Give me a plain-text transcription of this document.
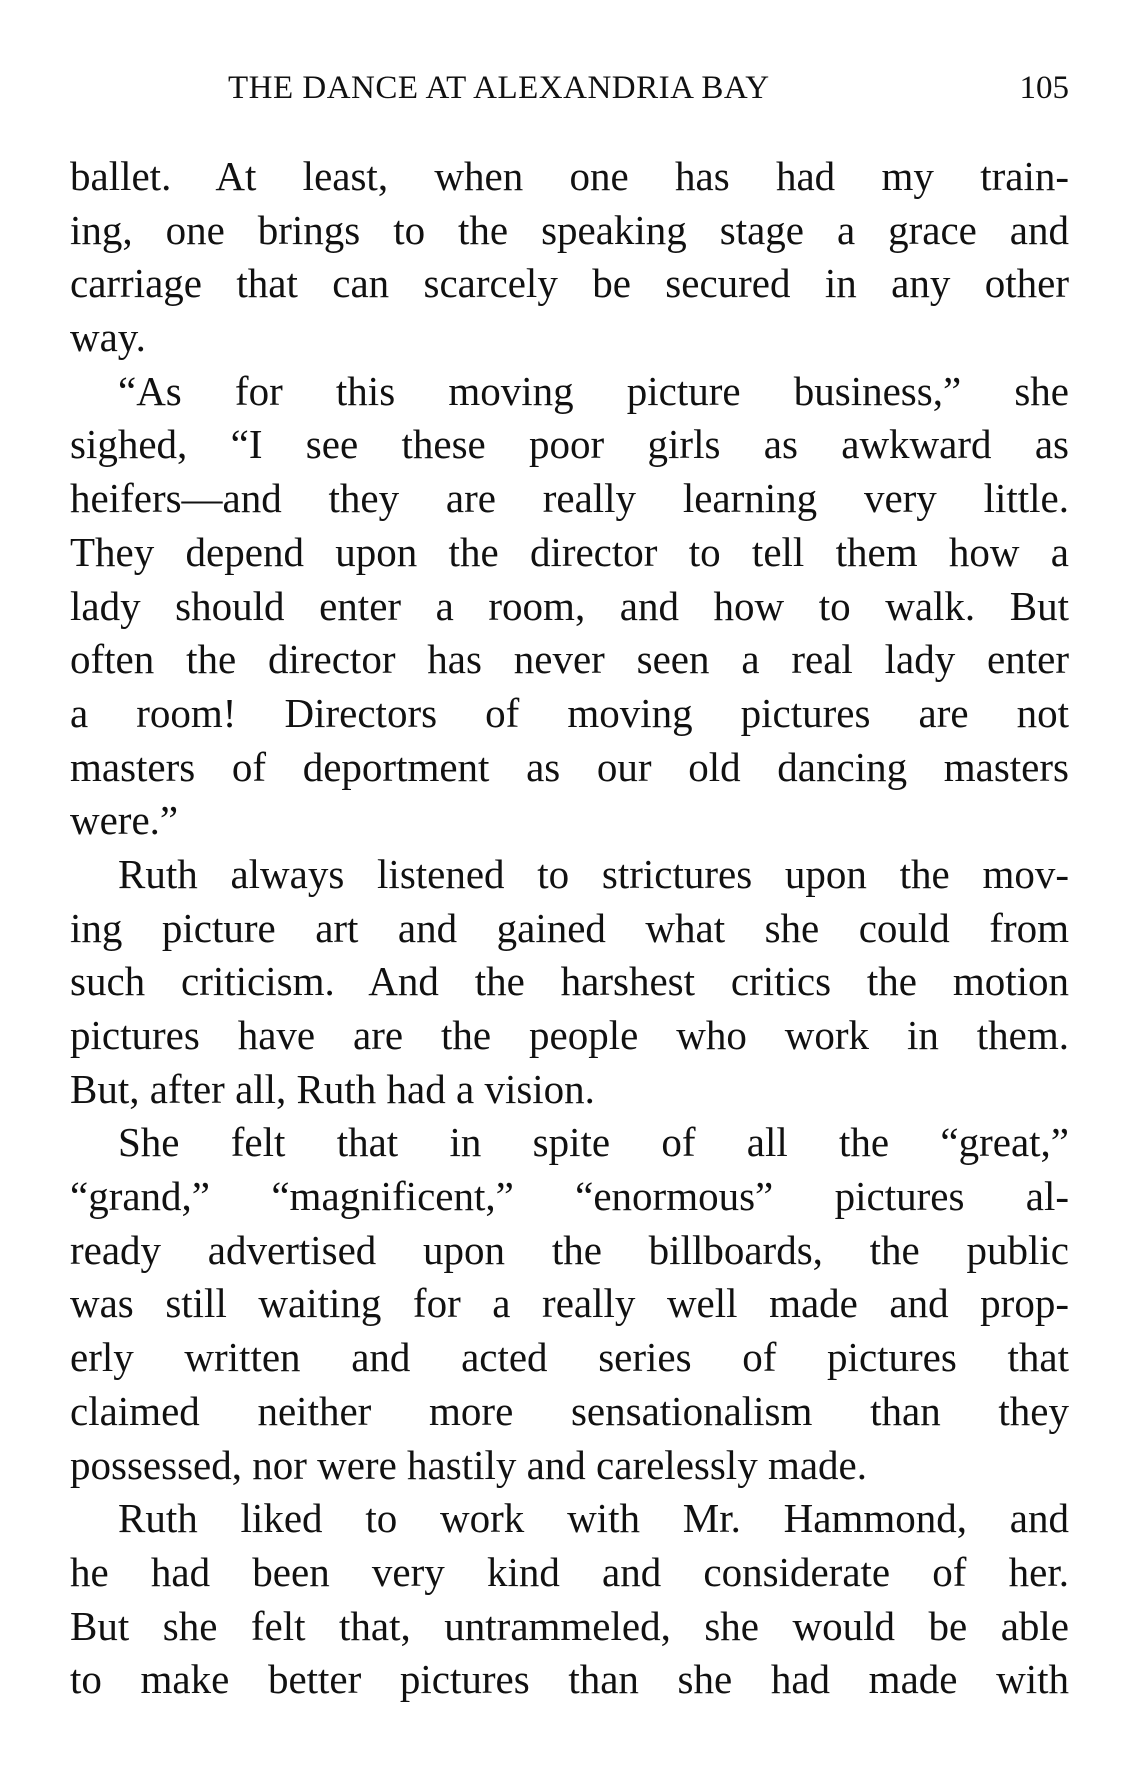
THE DANCE AT ALEXANDRIA BAY	105
ballet. At least, when one has had my train-
ing, one brings to the speaking stage a grace and
carriage that can scarcely be secured in any other
way.
“As for this moving picture business,” she
sighed, “I see these poor girls as awkward as
heifers—and they are really learning very little.
They depend upon the director to tell them how a
lady should enter a room, and how to walk. But
often the director has never seen a real lady enter
a room! Directors of moving pictures are not
masters of deportment as our old dancing masters
were.”
Ruth always listened to strictures upon the mov-
ing picture art and gained what she could from
such criticism. And the harshest critics the motion
pictures have are the people who work in them.
But, after all, Ruth had a vision.
She felt that in spite of all the “great,”
“grand,” “magnificent,” “enormous” pictures al-
ready advertised upon the billboards, the public
was still waiting for a really well made and prop-
erly written and acted series of pictures that
claimed neither more sensationalism than they
possessed, nor were hastily and carelessly made.
Ruth liked to work with Mr. Hammond, and
he had been very kind and considerate of her.
But she felt that, untrammeled, she would be able
to make better pictures than she had made with
